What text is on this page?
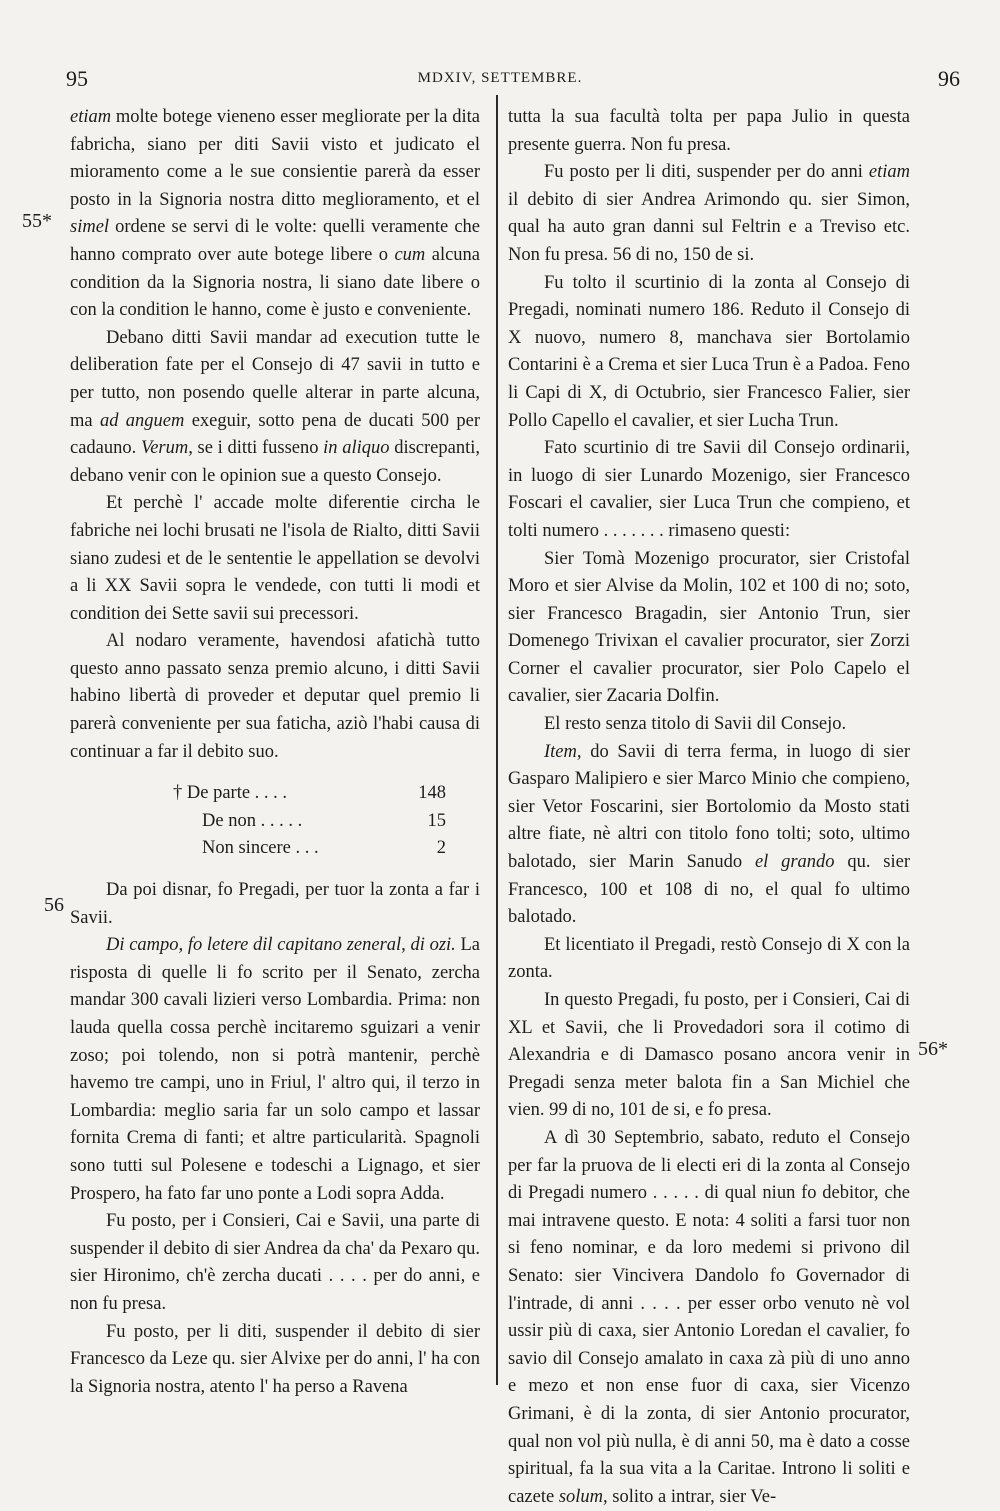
95	MDXIV, SETTEMBRE.	96
55*
56
56*

etiam molte botege vieneno esser megliorate per la dita fabricha, siano per diti Savii visto et judicato el mioramento come a le sue consientie parerà da esser posto in la Signoria nostra ditto meglioramento, et el simel ordene se servi di le volte: quelli veramente che hanno comprato over aute botege libere o cum alcuna condition da la Signoria nostra, li siano date libere o con la condition le hanno, come è justo e conveniente.

Debano ditti Savii mandar ad execution tutte le deliberation fate per el Consejo di 47 savii in tutto e per tutto, non posendo quelle alterar in parte alcuna, ma ad anguem exeguir, sotto pena de ducati 500 per cadauno. Verum, se i ditti fusseno in aliquo discrepanti, debano venir con le opinion sue a questo Consejo.

Et perchè l' accade molte diferentie circha le fabriche nei lochi brusati ne l'isola de Rialto, ditti Savii siano zudesi et de le sententie le appellation se devolvi a li XX Savii sopra le vendede, con tutti li modi et condition dei Sette savii sui precessori.

Al nodaro veramente, havendosi afatichà tutto questo anno passato senza premio alcuno, i ditti Savii habino libertà di proveder et deputar quel premio li parerà conveniente per sua faticha, aziò l'habi causa di continuar a far il debito suo.

† De parte . . . .	148
De non . . . . .	15
Non sincere . . .	2

Da poi disnar, fo Pregadi, per tuor la zonta a far i Savii.

Di campo, fo letere dil capitano zeneral, di ozi. La risposta di quelle li fo scrito per il Senato, zercha mandar 300 cavali lizieri verso Lombardia. Prima: non lauda quella cossa perchè incitaremo sguizari a venir zoso; poi tolendo, non si potrà mantenir, perchè havemo tre campi, uno in Friul, l' altro qui, il terzo in Lombardia: meglio saria far un solo campo et lassar fornita Crema di fanti; et altre particularità. Spagnoli sono tutti sul Polesene e todeschi a Lignago, et sier Prospero, ha fato far uno ponte a Lodi sopra Adda.

Fu posto, per i Consieri, Cai e Savii, una parte di suspender il debito di sier Andrea da cha' da Pexaro qu. sier Hironimo, ch'è zercha ducati . . . . per do anni, e non fu presa.

Fu posto, per li diti, suspender il debito di sier Francesco da Leze qu. sier Alvixe per do anni, l' ha con la Signoria nostra, atento l' ha perso a Ravena

tutta la sua facultà tolta per papa Julio in questa presente guerra. Non fu presa.

Fu posto per li diti, suspender per do anni etiam il debito di sier Andrea Arimondo qu. sier Simon, qual ha auto gran danni sul Feltrin e a Treviso etc. Non fu presa. 56 di no, 150 de si.

Fu tolto il scurtinio di la zonta al Consejo di Pregadi, nominati numero 186. Reduto il Consejo di X nuovo, numero 8, manchava sier Bortolamio Contarini è a Crema et sier Luca Trun è a Padoa. Feno li Capi di X, di Octubrio, sier Francesco Falier, sier Pollo Capello el cavalier, et sier Lucha Trun.

Fato scurtinio di tre Savii dil Consejo ordinarii, in luogo di sier Lunardo Mozenigo, sier Francesco Foscari el cavalier, sier Luca Trun che compieno, et tolti numero . . . . . . . rimaseno questi:

Sier Tomà Mozenigo procurator, sier Cristofal Moro et sier Alvise da Molin, 102 et 100 di no; soto, sier Francesco Bragadin, sier Antonio Trun, sier Domenego Trivixan el cavalier procurator, sier Zorzi Corner el cavalier procurator, sier Polo Capelo el cavalier, sier Zacaria Dolfin.

El resto senza titolo di Savii dil Consejo.

Item, do Savii di terra ferma, in luogo di sier Gasparo Malipiero e sier Marco Minio che compieno, sier Vetor Foscarini, sier Bortolomio da Mosto stati altre fiate, nè altri con titolo fono tolti; soto, ultimo balotado, sier Marin Sanudo el grando qu. sier Francesco, 100 et 108 di no, el qual fo ultimo balotado.

Et licentiato il Pregadi, restò Consejo di X con la zonta.

In questo Pregadi, fu posto, per i Consieri, Cai di XL et Savii, che li Provedadori sora il cotimo di Alexandria e di Damasco posano ancora venir in Pregadi senza meter balota fin a San Michiel che vien. 99 di no, 101 de si, e fo presa.

A dì 30 Septembrio, sabato, reduto el Consejo per far la pruova de li electi eri di la zonta al Consejo di Pregadi numero . . . . . di qual niun fo debitor, che mai intravene questo. E nota: 4 soliti a farsi tuor non si feno nominar, e da loro medemi si privono dil Senato: sier Vincivera Dandolo fo Governador di l'intrade, di anni . . . . per esser orbo venuto nè vol ussir più di caxa, sier Antonio Loredan el cavalier, fo savio dil Consejo amalato in caxa zà più di uno anno e mezo et non ense fuor di caxa, sier Vicenzo Grimani, è di la zonta, di sier Antonio procurator, qual non vol più nulla, è di anni 50, ma è dato a cosse spiritual, fa la sua vita a la Caritae. Introno li soliti e cazete solum, solito a intrar, sier Ve-
